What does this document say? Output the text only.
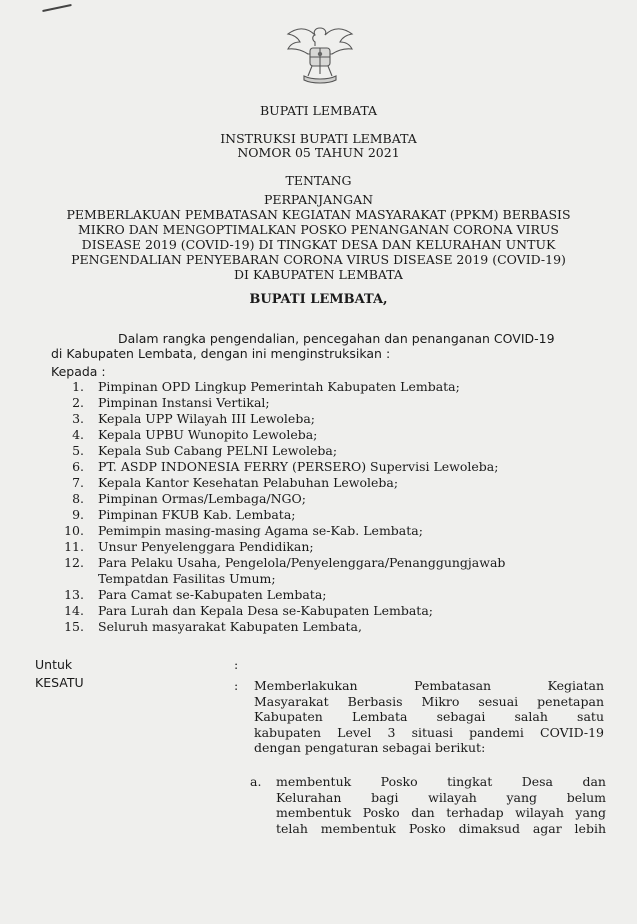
BUPATI LEMBATA
INSTRUKSI BUPATI LEMBATA
NOMOR 05 TAHUN 2021
TENTANG
PERPANJANGAN
PEMBERLAKUAN PEMBATASAN KEGIATAN MASYARAKAT (PPKM) BERBASIS
MIKRO DAN MENGOPTIMALKAN POSKO PENANGANAN CORONA VIRUS
DISEASE 2019 (COVID-19) DI TINGKAT DESA DAN KELURAHAN UNTUK
PENGENDALIAN PENYEBARAN CORONA VIRUS DISEASE 2019 (COVID-19)
DI KABUPATEN LEMBATA
BUPATI LEMBATA,
Dalam rangka pengendalian, pencegahan dan penanganan COVID-19
di Kabupaten Lembata, dengan ini menginstruksikan :
Kepada :
1.	Pimpinan OPD Lingkup Pemerintah Kabupaten Lembata;
2.	Pimpinan Instansi Vertikal;
3.	Kepala UPP Wilayah III Lewoleba;
4.	Kepala UPBU Wunopito Lewoleba;
5.	Kepala Sub Cabang PELNI Lewoleba;
6.	PT. ASDP INDONESIA FERRY (PERSERO) Supervisi Lewoleba;
7.	Kepala Kantor Kesehatan Pelabuhan Lewoleba;
8.	Pimpinan Ormas/Lembaga/NGO;
9.	Pimpinan FKUB Kab. Lembata;
10.	Pemimpin masing-masing Agama se-Kab. Lembata;
11.	Unsur Penyelenggara Pendidikan;
12.	Para Pelaku Usaha, Pengelola/Penyelenggara/Penanggungjawab
Tempatdan Fasilitas Umum;
13.	Para Camat se-Kabupaten Lembata;
14.	Para Lurah dan Kepala Desa se-Kabupaten Lembata;
15.	Seluruh masyarakat Kabupaten Lembata,
Untuk	:
KESATU	: Memberlakukan Pembatasan Kegiatan
Masyarakat Berbasis Mikro sesuai penetapan
Kabupaten Lembata sebagai salah satu
kabupaten Level 3 situasi pandemi COVID-19
dengan pengaturan sebagai berikut:
a. membentuk Posko tingkat Desa dan
Kelurahan bagi wilayah yang belum
membentuk Posko dan terhadap wilayah yang
telah membentuk Posko dimaksud agar lebih
